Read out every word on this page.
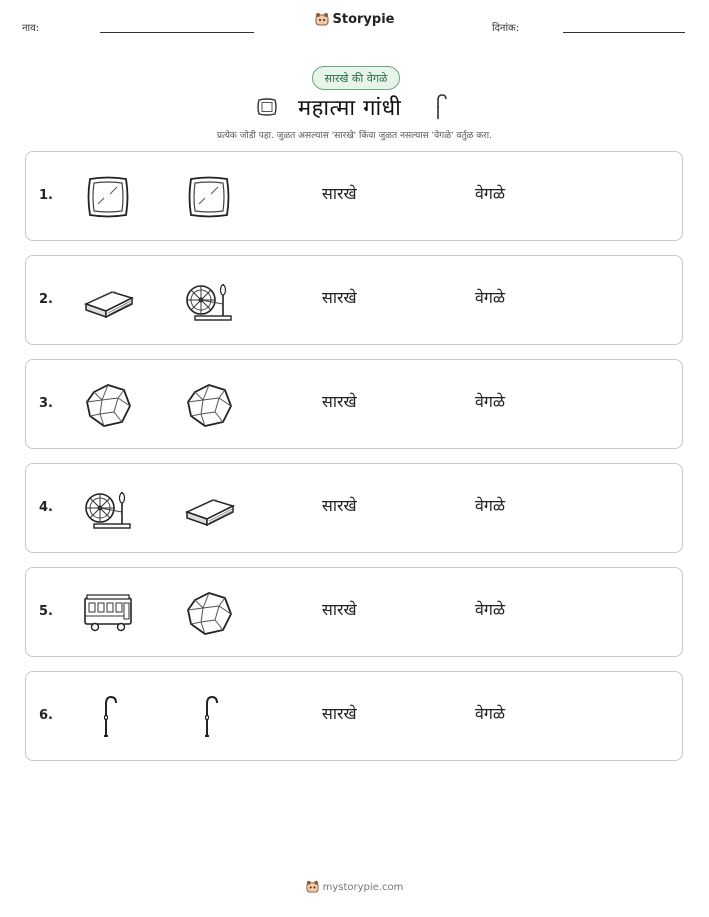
नाव:
Storypie
दिनांक:
सारखे की वेगळे
महात्मा गांधी
प्रत्येक जोडी पहा. जुळत असल्यास 'सारखे' किंवा जुळत नसल्यास 'वेगळे' वर्तुळ करा.
1.	सारखे	वेगळे
2.	सारखे	वेगळे
3.	सारखे	वेगळे
4.	सारखे	वेगळे
5.	सारखे	वेगळे
6.	सारखे	वेगळे
mystorypie.com
